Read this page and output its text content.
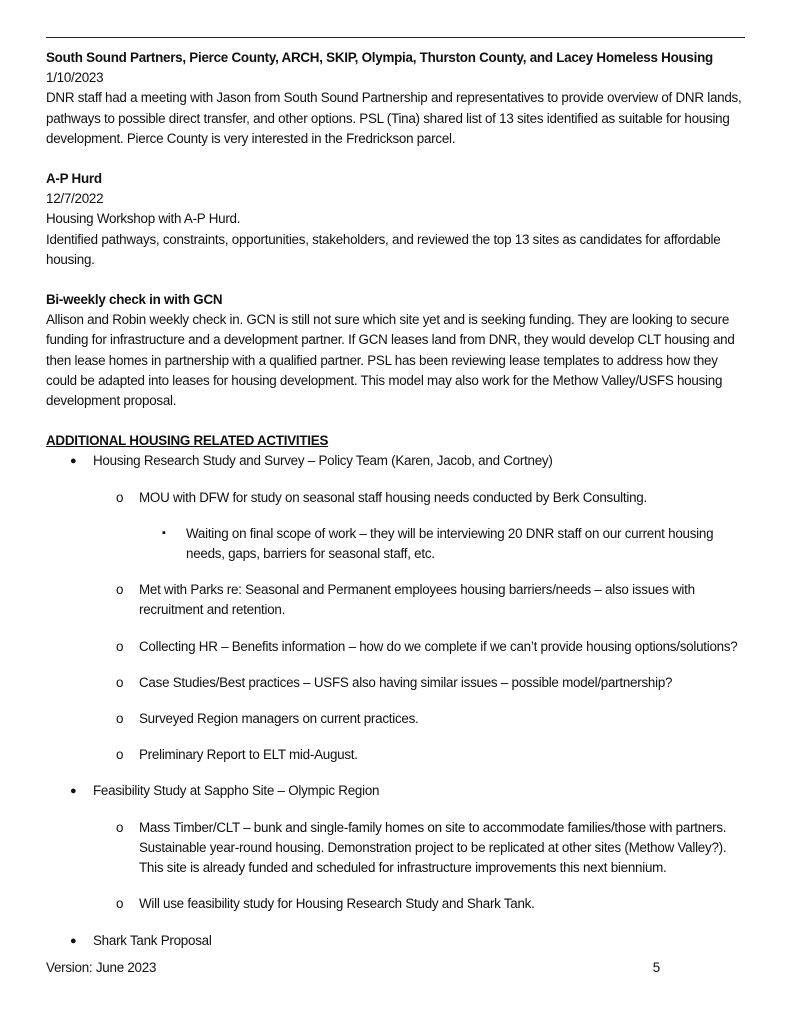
South Sound Partners, Pierce County, ARCH, SKIP, Olympia, Thurston County, and Lacey Homeless Housing

1/10/2023

DNR staff had a meeting with Jason from South Sound Partnership and representatives to provide overview of DNR lands, pathways to possible direct transfer, and other options. PSL (Tina) shared list of 13 sites identified as suitable for housing development. Pierce County is very interested in the Fredrickson parcel.

A-P Hurd

12/7/2022

Housing Workshop with A-P Hurd.

Identified pathways, constraints, opportunities, stakeholders, and reviewed the top 13 sites as candidates for affordable housing.

Bi-weekly check in with GCN

Allison and Robin weekly check in. GCN is still not sure which site yet and is seeking funding. They are looking to secure funding for infrastructure and a development partner. If GCN leases land from DNR, they would develop CLT housing and then lease homes in partnership with a qualified partner. PSL has been reviewing lease templates to address how they could be adapted into leases for housing development. This model may also work for the Methow Valley/USFS housing development proposal.

ADDITIONAL HOUSING RELATED ACTIVITIES

● Housing Research Study and Survey – Policy Team (Karen, Jacob, and Cortney)

o MOU with DFW for study on seasonal staff housing needs conducted by Berk Consulting.

▪ Waiting on final scope of work – they will be interviewing 20 DNR staff on our current housing needs, gaps, barriers for seasonal staff, etc.

o Met with Parks re: Seasonal and Permanent employees housing barriers/needs – also issues with recruitment and retention.

o Collecting HR – Benefits information – how do we complete if we can’t provide housing options/solutions?

o Case Studies/Best practices – USFS also having similar issues – possible model/partnership?

o Surveyed Region managers on current practices.

o Preliminary Report to ELT mid-August.

● Feasibility Study at Sappho Site – Olympic Region

o Mass Timber/CLT – bunk and single-family homes on site to accommodate families/those with partners. Sustainable year-round housing. Demonstration project to be replicated at other sites (Methow Valley?). This site is already funded and scheduled for infrastructure improvements this next biennium.

o Will use feasibility study for Housing Research Study and Shark Tank.

● Shark Tank Proposal

Version: June 2023	5
